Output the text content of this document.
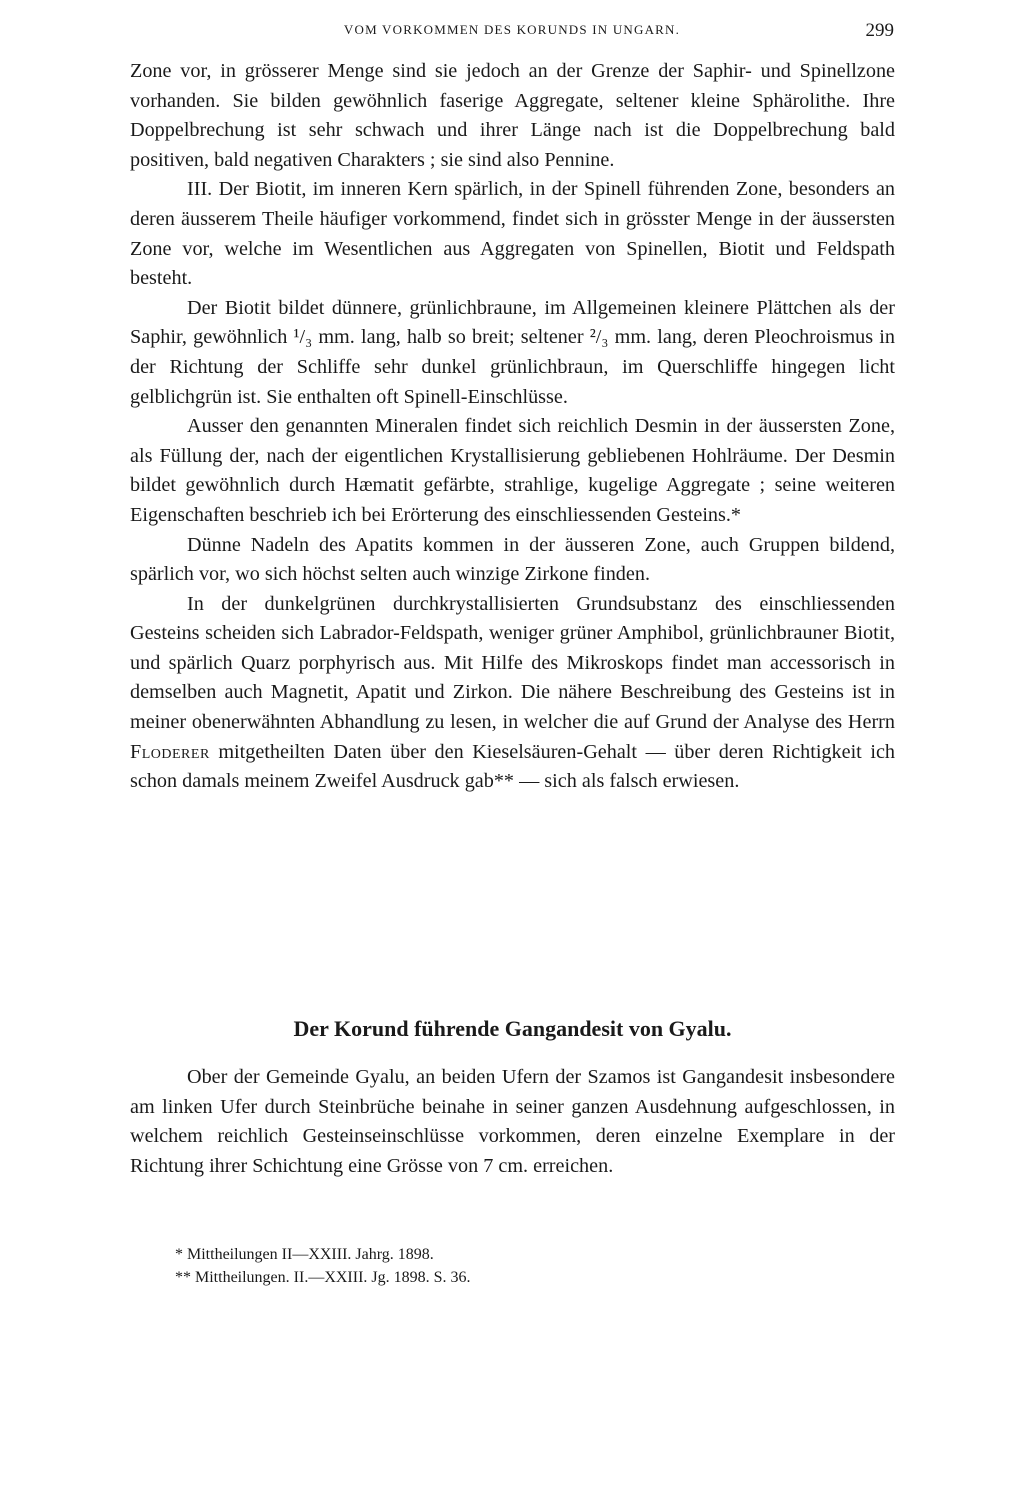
VOM VORKOMMEN DES KORUNDS IN UNGARN.	299

Zone vor, in grösserer Menge sind sie jedoch an der Grenze der Saphir- und Spinellzone vorhanden. Sie bilden gewöhnlich faserige Aggregate, seltener kleine Sphärolithe. Ihre Doppelbrechung ist sehr schwach und ihrer Länge nach ist die Doppelbrechung bald positiven, bald negativen Charakters ; sie sind also Pennine.

III. Der Biotit, im inneren Kern spärlich, in der Spinell führenden Zone, besonders an deren äusserem Theile häufiger vorkommend, findet sich in grösster Menge in der äussersten Zone vor, welche im Wesentlichen aus Aggregaten von Spinellen, Biotit und Feldspath besteht.

Der Biotit bildet dünnere, grünlichbraune, im Allgemeinen kleinere Plättchen als der Saphir, gewöhnlich ¹/₃ mm. lang, halb so breit; seltener ²/₃ mm. lang, deren Pleochroismus in der Richtung der Schliffe sehr dunkel grünlichbraun, im Querschliffe hingegen licht gelblichgrün ist. Sie enthalten oft Spinell-Einschlüsse.

Ausser den genannten Mineralen findet sich reichlich Desmin in der äussersten Zone, als Füllung der, nach der eigentlichen Krystallisierung gebliebenen Hohlräume. Der Desmin bildet gewöhnlich durch Hæmatit gefärbte, strahlige, kugelige Aggregate ; seine weiteren Eigenschaften beschrieb ich bei Erörterung des einschliessenden Gesteins.*

Dünne Nadeln des Apatits kommen in der äusseren Zone, auch Gruppen bildend, spärlich vor, wo sich höchst selten auch winzige Zirkone finden.

In der dunkelgrünen durchkrystallisierten Grundsubstanz des einschliessenden Gesteins scheiden sich Labrador-Feldspath, weniger grüner Amphibol, grünlichbrauner Biotit, und spärlich Quarz porphyrisch aus. Mit Hilfe des Mikroskops findet man accessorisch in demselben auch Magnetit, Apatit und Zirkon. Die nähere Beschreibung des Gesteins ist in meiner obenerwähnten Abhandlung zu lesen, in welcher die auf Grund der Analyse des Herrn Floderer mitgetheilten Daten über den Kieselsäuren-Gehalt — über deren Richtigkeit ich schon damals meinem Zweifel Ausdruck gab** — sich als falsch erwiesen.

Der Korund führende Gangandesit von Gyalu.

Ober der Gemeinde Gyalu, an beiden Ufern der Szamos ist Gangandesit insbesondere am linken Ufer durch Steinbrüche beinahe in seiner ganzen Ausdehnung aufgeschlossen, in welchem reichlich Gesteinseinschlüsse vorkommen, deren einzelne Exemplare in der Richtung ihrer Schichtung eine Grösse von 7 cm. erreichen.

* Mittheilungen II—XXIII. Jahrg. 1898.
** Mittheilungen. II.—XXIII. Jg. 1898. S. 36.
